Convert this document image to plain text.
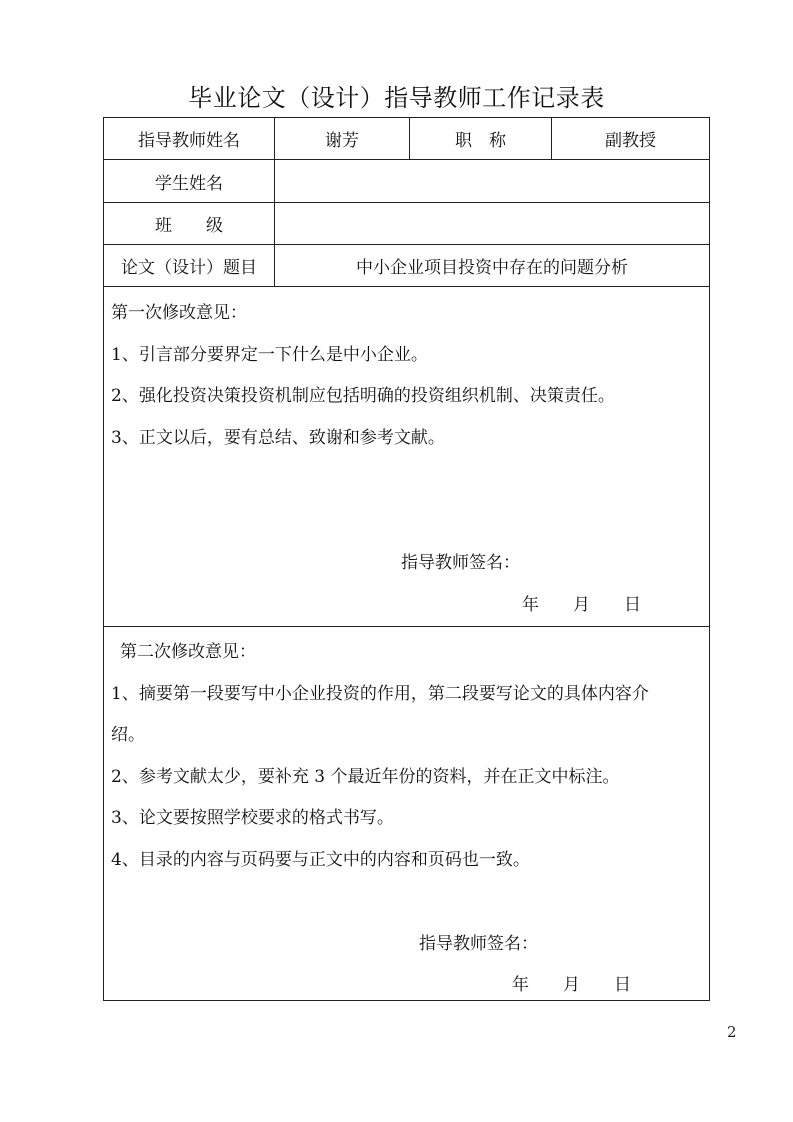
毕业论文（设计）指导教师工作记录表
指导教师姓名	谢芳	职　称	副教授
学生姓名
班　　级
论文（设计）题目	中小企业项目投资中存在的问题分析
第一次修改意见：
1、引言部分要界定一下什么是中小企业。
2、强化投资决策投资机制应包括明确的投资组织机制、决策责任。
3、正文以后，要有总结、致谢和参考文献。
指导教师签名：
年　　月　　日
第二次修改意见：
1、摘要第一段要写中小企业投资的作用，第二段要写论文的具体内容介
绍。
2、参考文献太少，要补充 3 个最近年份的资料，并在正文中标注。
3、论文要按照学校要求的格式书写。
4、目录的内容与页码要与正文中的内容和页码也一致。
指导教师签名：
年　　月　　日
2
